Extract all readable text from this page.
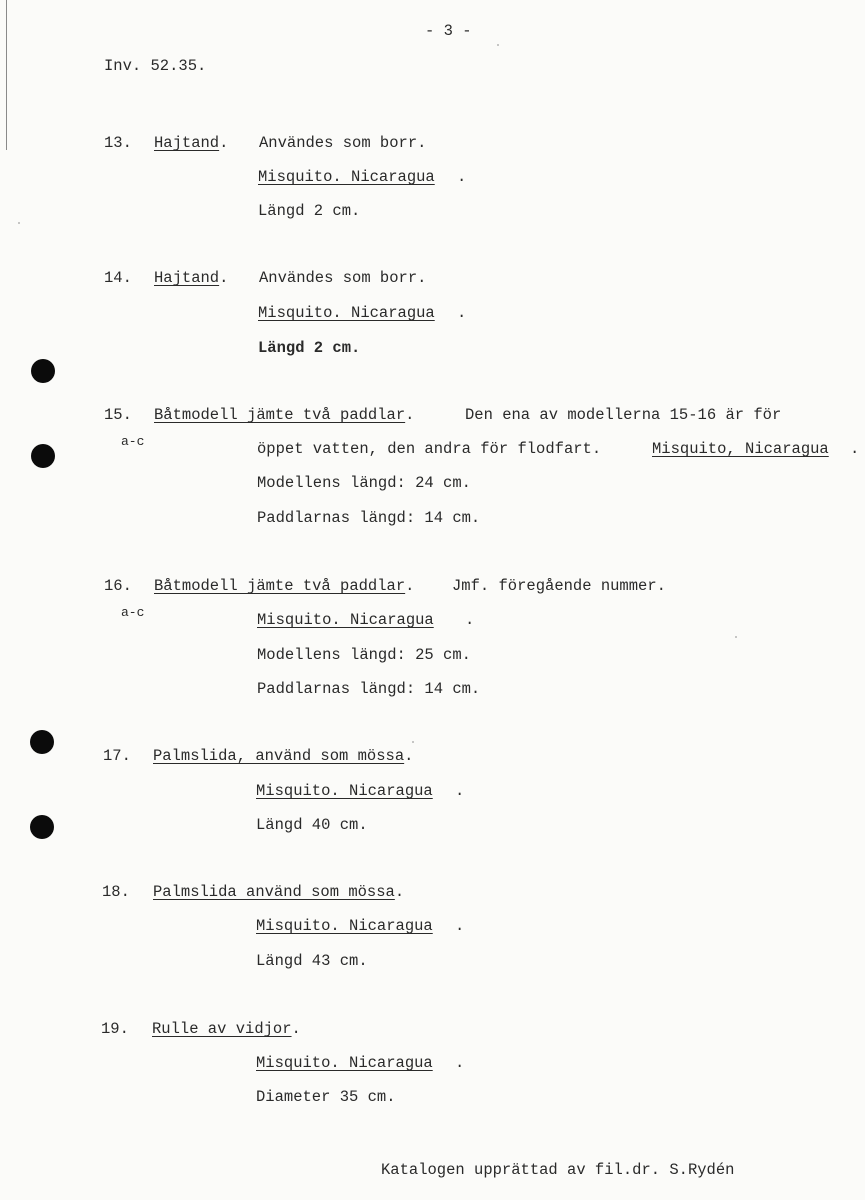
- 3 -
Inv. 52.35.
13. Hajtand. Användes som borr.
Misquito. Nicaragua .
Längd 2 cm.
14. Hajtand. Användes som borr.
Misquito. Nicaragua .
Längd 2 cm.
15.
a-c
Båtmodell jämte två paddlar.	Den ena av modellerna 15-16 är för
öppet vatten, den andra för flodfart.	Misquito, Nicaragua .
Modellens längd: 24 cm.
Paddlarnas längd: 14 cm.
16.
a-c
Båtmodell jämte två paddlar. Jmf. föregående nummer.
Misquito. Nicaragua .
Modellens längd: 25 cm.
Paddlarnas längd: 14 cm.
17. Palmslida, använd som mössa.
Misquito. Nicaragua .
Längd 40 cm.
18. Palmslida använd som mössa.
Misquito. Nicaragua .
Längd 43 cm.
19. Rulle av vidjor.
Misquito. Nicaragua .
Diameter 35 cm.
Katalogen upprättad av fil.dr. S.Rydén
